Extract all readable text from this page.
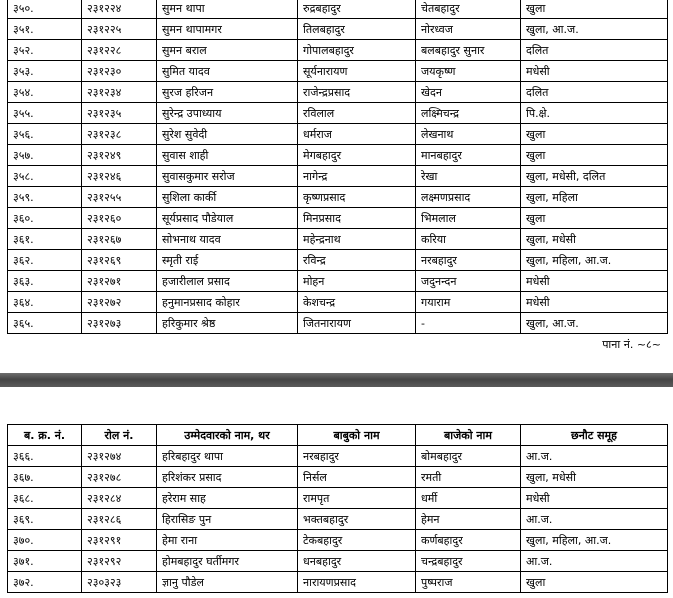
३५०.	२३१२२४	सुमन थापा	रुद्रबहादुर	चेतबहादुर	खुला
३५१.	२३१२२५	सुमन थापामगर	तिलबहादुर	नोरध्वज	खुला, आ.ज.
३५२.	२३१२२८	सुमन बराल	गोपालबहादुर	बलबहादुर सुनार	दलित
३५३.	२३१२३०	सुमित यादव	सूर्यनारायण	जयकृष्ण	मधेसी
३५४.	२३१२३४	सुरज हरिजन	राजेन्द्रप्रसाद	खेदन	दलित
३५५.	२३१२३५	सुरेन्द्र उपाध्याय	रविलाल	लक्ष्मिचन्द्र	पि.क्षे.
३५६.	२३१२३८	सुरेश सुवेदी	धर्मराज	लेखनाथ	खुला
३५७.	२३१२४९	सुवास शाही	मेगबहादुर	मानबहादुर	खुला
३५८.	२३१२४६	सुवासकुमार सरोज	नागेन्द्र	रेखा	खुला, मधेसी, दलित
३५९.	२३१२५५	सुशिला कार्की	कृष्णप्रसाद	लक्ष्मणप्रसाद	खुला, महिला
३६०.	२३१२६०	सूर्यप्रसाद पौडेयाल	मिनप्रसाद	भिमलाल	खुला
३६१.	२३१२६७	सोभनाथ यादव	महेन्द्रनाथ	करिया	खुला, मधेसी
३६२.	२३१२६९	स्मृती राई	रविन्द्र	नरबहादुर	खुला, महिला, आ.ज.
३६३.	२३१२७१	हजारीलाल प्रसाद	मोहन	जदुनन्दन	मधेसी
३६४.	२३१२७२	हनुमानप्रसाद कोहार	केशचन्द्र	गयाराम	मधेसी
३६५.	२३१२७३	हरिकुमार श्रेष्ठ	जितनारायण	-	खुला, आ.ज.
पाना नं. ~८~
ब. क्र. नं.	रोल नं.	उम्मेदवारको नाम, थर	बाबुको नाम	बाजेको नाम	छनौट समूह
३६६.	२३१२७४	हरिबहादुर थापा	नरबहादुर	बोमबहादुर	आ.ज.
३६७.	२३१२७८	हरिशंकर प्रसाद	निर्सल	रमती	खुला, मधेसी
३६८.	२३१२८४	हरेराम साह	रामपृत	धर्मी	मधेसी
३६९.	२३१२८६	हिरासिङ पुन	भक्तबहादुर	हेमन	आ.ज.
३७०.	२३१२९१	हेमा राना	टेकबहादुर	कर्णबहादुर	खुला, महिला, आ.ज.
३७१.	२३१२९२	होमबहादुर घर्तीमगर	धनबहादुर	चन्द्रबहादुर	आ.ज.
३७२.	२३०३२३	ज्ञानु पौडेल	नारायणप्रसाद	पुष्पराज	खुला
